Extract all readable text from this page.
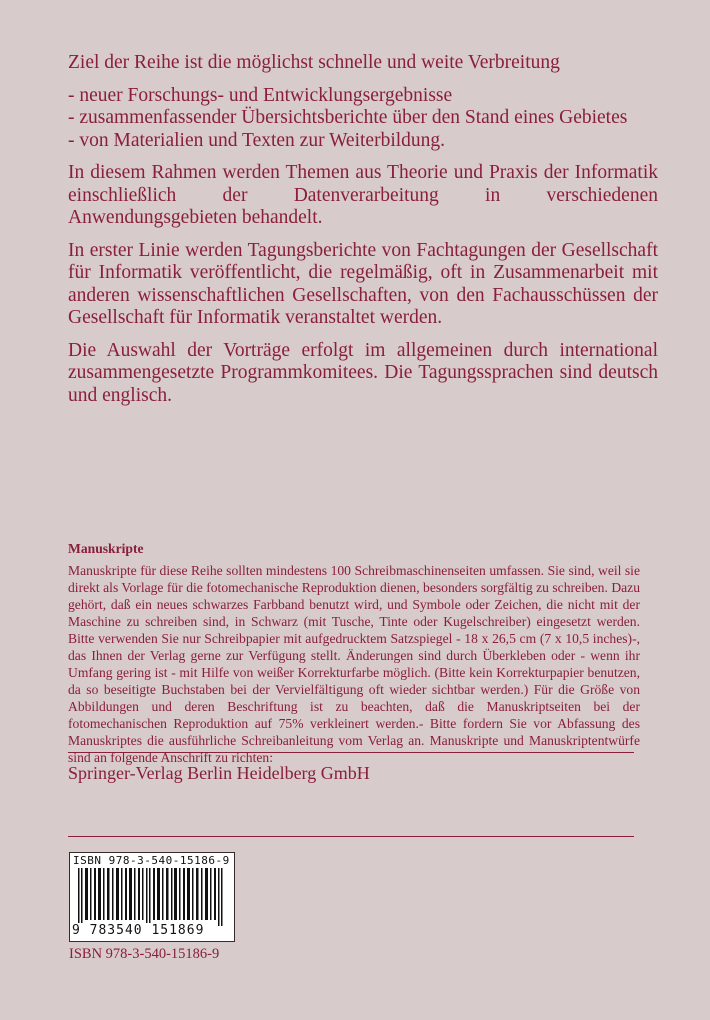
Ziel der Reihe ist die möglichst schnelle und weite Verbreitung

- neuer Forschungs- und Entwicklungsergebnisse
- zusammenfassender Übersichtsberichte über den Stand eines Gebietes
- von Materialien und Texten zur Weiterbildung.

In diesem Rahmen werden Themen aus Theorie und Praxis der Informatik einschließlich der Datenverarbeitung in verschiedenen Anwendungsgebieten behandelt.

In erster Linie werden Tagungsberichte von Fachtagungen der Gesellschaft für Informatik veröffentlicht, die regelmäßig, oft in Zusammenarbeit mit anderen wissenschaftlichen Gesellschaften, von den Fachausschüssen der Gesellschaft für Informatik veranstaltet werden.

Die Auswahl der Vorträge erfolgt im allgemeinen durch international zusammengesetzte Programmkomitees. Die Tagungssprachen sind deutsch und englisch.

Manuskripte

Manuskripte für diese Reihe sollten mindestens 100 Schreibmaschinenseiten umfassen. Sie sind, weil sie direkt als Vorlage für die fotomechanische Reproduktion dienen, besonders sorgfältig zu schreiben. Dazu gehört, daß ein neues schwarzes Farbband benutzt wird, und Symbole oder Zeichen, die nicht mit der Maschine zu schreiben sind, in Schwarz (mit Tusche, Tinte oder Kugelschreiber) eingesetzt werden. Bitte verwenden Sie nur Schreibpapier mit aufgedrucktem Satzspiegel - 18 x 26,5 cm (7 x 10,5 inches)-, das Ihnen der Verlag gerne zur Verfügung stellt. Änderungen sind durch Überkleben oder - wenn ihr Umfang gering ist - mit Hilfe von weißer Korrekturfarbe möglich. (Bitte kein Korrekturpapier benutzen, da so beseitigte Buchstaben bei der Vervielfältigung oft wieder sichtbar werden.) Für die Größe von Abbildungen und deren Beschriftung ist zu beachten, daß die Manuskriptseiten bei der fotomechanischen Reproduktion auf 75% verkleinert werden.- Bitte fordern Sie vor Abfassung des Manuskriptes die ausführliche Schreibanleitung vom Verlag an. Manuskripte und Manuskriptentwürfe sind an folgende Anschrift zu richten:

Springer-Verlag Berlin Heidelberg GmbH
ISBN 978-3-540-15186-9
9 783540 151869
ISBN 978-3-540-15186-9
